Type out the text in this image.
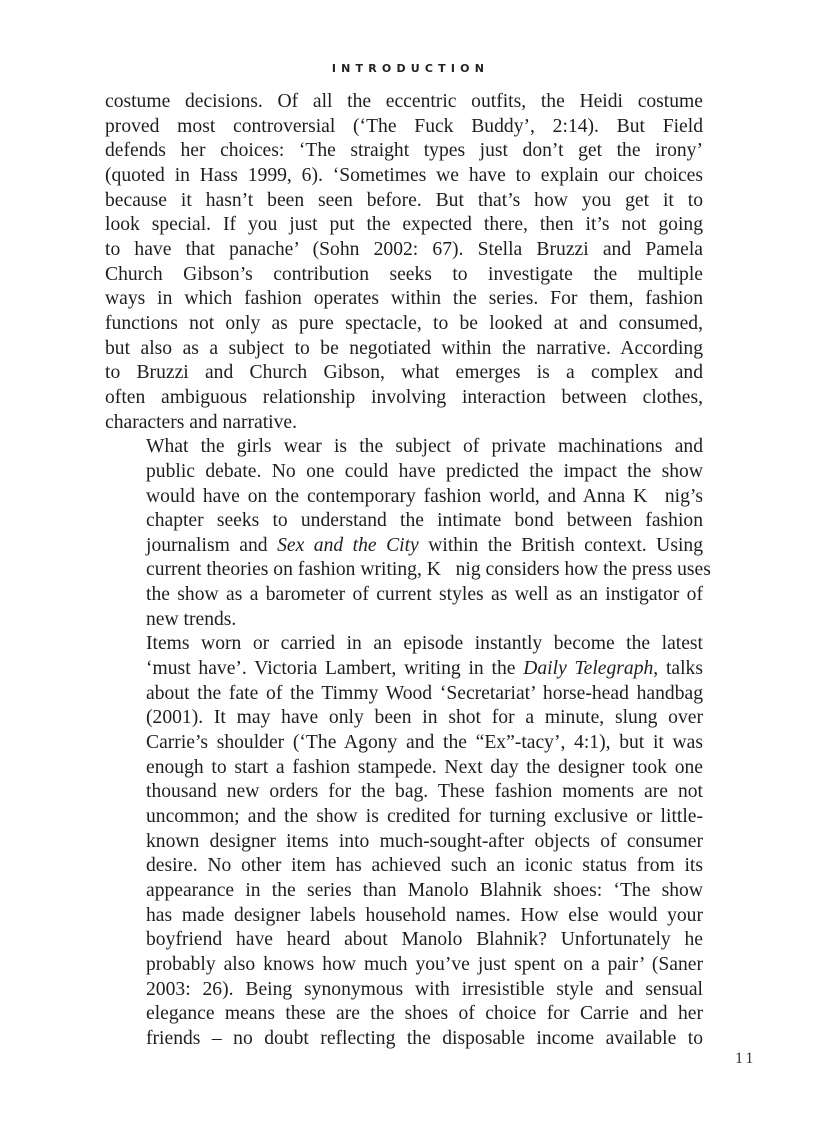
INTRODUCTION

costume decisions. Of all the eccentric outfits, the Heidi costume
proved most controversial (‘The Fuck Buddy’, 2:14). But Field
defends her choices: ‘The straight types just don’t get the irony’
(quoted in Hass 1999, 6). ‘Sometimes we have to explain our choices
because it hasn’t been seen before. But that’s how you get it to
look special. If you just put the expected there, then it’s not going
to have that panache’ (Sohn 2002: 67). Stella Bruzzi and Pamela
Church Gibson’s contribution seeks to investigate the multiple
ways in which fashion operates within the series. For them, fashion
functions not only as pure spectacle, to be looked at and consumed,
but also as a subject to be negotiated within the narrative. According
to Bruzzi and Church Gibson, what emerges is a complex and
often ambiguous relationship involving interaction between clothes,
characters and narrative.

What the girls wear is the subject of private machinations and
public debate. No one could have predicted the impact the show
would have on the contemporary fashion world, and Anna K  nig’s
chapter seeks to understand the intimate bond between fashion
journalism and Sex and the City within the British context. Using
current theories on fashion writing, K  nig considers how the press uses
the show as a barometer of current styles as well as an instigator of
new trends.

Items worn or carried in an episode instantly become the latest
‘must have’. Victoria Lambert, writing in the Daily Telegraph, talks
about the fate of the Timmy Wood ‘Secretariat’ horse-head handbag
(2001). It may have only been in shot for a minute, slung over
Carrie’s shoulder (‘The Agony and the “Ex”-tacy’, 4:1), but it was
enough to start a fashion stampede. Next day the designer took one
thousand new orders for the bag. These fashion moments are not
uncommon; and the show is credited for turning exclusive or little-
known designer items into much-sought-after objects of consumer
desire. No other item has achieved such an iconic status from its
appearance in the series than Manolo Blahnik shoes: ‘The show
has made designer labels household names. How else would your
boyfriend have heard about Manolo Blahnik? Unfortunately he
probably also knows how much you’ve just spent on a pair’ (Saner
2003: 26). Being synonymous with irresistible style and sensual
elegance means these are the shoes of choice for Carrie and her
friends – no doubt reflecting the disposable income available to

11
